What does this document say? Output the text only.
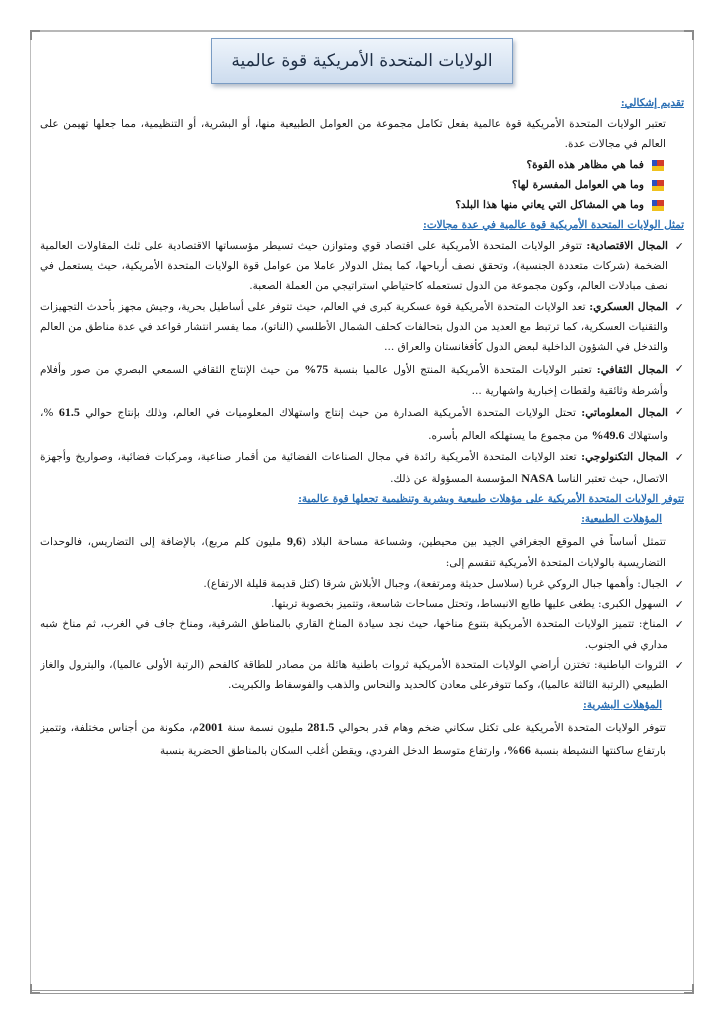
الولايات المتحدة الأمريكية قوة عالمية
تقديم إشكالي:

تعتبر الولايات المتحدة الأمريكية قوة عالمية بفعل تكامل مجموعة من العوامل الطبيعية منها، أو البشرية، أو التنظيمية، مما جعلها تهيمن على العالم في مجالات عدة.

فما هي مظاهر هذه القوة؟
وما هي العوامل المفسرة لها؟
وما هي المشاكل التي يعاني منها هذا البلد؟
تمثل الولايات المتحدة الأمريكية قوة عالمية في عدة مجالات:
✓
المجال الاقتصادية: تتوفر الولايات المتحدة الأمريكية على اقتصاد قوي ومتوازن حيث تسيطر مؤسساتها الاقتصادية على ثلث المقاولات العالمية الضخمة (شركات متعددة الجنسية)، وتحقق نصف أرباحها، كما يمثل الدولار عاملا من عوامل قوة الولايات المتحدة الأمريكية، حيث يستعمل في نصف مبادلات العالم، وكون مجموعة من الدول تستعمله كاحتياطي استراتيجي من العملة الصعبة.
✓
المجال العسكري: تعد الولايات المتحدة الأمريكية قوة عسكرية كبرى في العالم، حيث تتوفر على أساطيل بحرية، وجيش مجهز بأحدث التجهيزات والتقنيات العسكرية، كما ترتبط مع العديد من الدول بتحالفات كحلف الشمال الأطلسي (الناتو)، مما يفسر انتشار قواعد في عدة مناطق من العالم والتدخل في الشؤون الداخلية لبعض الدول كأفغانستان والعراق ...
✓
المجال الثقافي: تعتبر الولايات المتحدة الأمريكية المنتج الأول عالميا بنسبة 75% من حيث الإنتاج الثقافي السمعي البصري من صور وأفلام وأشرطة وثائقية ولقطات إخبارية واشهارية ...
✓
المجال المعلوماتي: تحتل الولايات المتحدة الأمريكية الصدارة من حيث إنتاج واستهلاك المعلوميات في العالم، وذلك بإنتاج حوالي 61.5 %، واستهلاك 49.6% من مجموع ما يستهلكه العالم بأسره.
✓
المجال التكنولوجي: تعتد الولايات المتحدة الأمريكية رائدة في مجال الصناعات الفضائية من أقمار صناعية، ومركبات فضائية، وصواريخ وأجهزة الاتصال، حيث تعتبر الناسا NASA المؤسسة المسؤولة عن ذلك.
تتوفر الولايات المتحدة الأمريكية على مؤهلات طبيعية وبشرية وتنظيمية تجعلها قوة عالمية:
المؤهلات الطبيعية:

تتمثل أساساً في الموقع الجغرافي الجيد بين محيطين، وشساعة مساحة البلاد (9,6 مليون كلم مربع)، بالإضافة إلى التضاريس، فالوحدات التضاريسية بالولايات المتحدة الأمريكية تنقسم إلى:

✓
الجبال: وأهمها جبال الروكي غربا (سلاسل حديثة ومرتفعة)، وجبال الأبلاش شرقا (كتل قديمة قليلة الارتفاع).
✓
السهول الكبرى: يطغى عليها طابع الانبساط، وتحتل مساحات شاسعة، وتتميز بخصوبة تربتها.
✓
المناخ: تتميز الولايات المتحدة الأمريكية بتنوع مناخها، حيث نجد سيادة المناخ القاري بالمناطق الشرقية، ومناخ جاف في الغرب، ثم مناخ شبه مداري في الجنوب.
✓
الثروات الباطنية: تختزن أراضي الولايات المتحدة الأمريكية ثروات باطنية هائلة من مصادر للطاقة كالفحم (الرتبة الأولى عالميا)، والبترول والغاز الطبيعي (الرتبة الثالثة عالميا)، وكما تتوفرعلى معادن كالحديد والنحاس والذهب والفوسفاط والكبريت.
المؤهلات البشرية:

تتوفر الولايات المتحدة الأمريكية على تكتل سكاني ضخم وهام قدر بحوالي 281.5 مليون نسمة سنة 2001م، مكونة من أجناس مختلفة، وتتميز بارتفاع ساكنتها النشيطة بنسبة 66%، وارتفاع متوسط الدخل الفردي، ويقطن أغلب السكان بالمناطق الحضرية بنسبة
